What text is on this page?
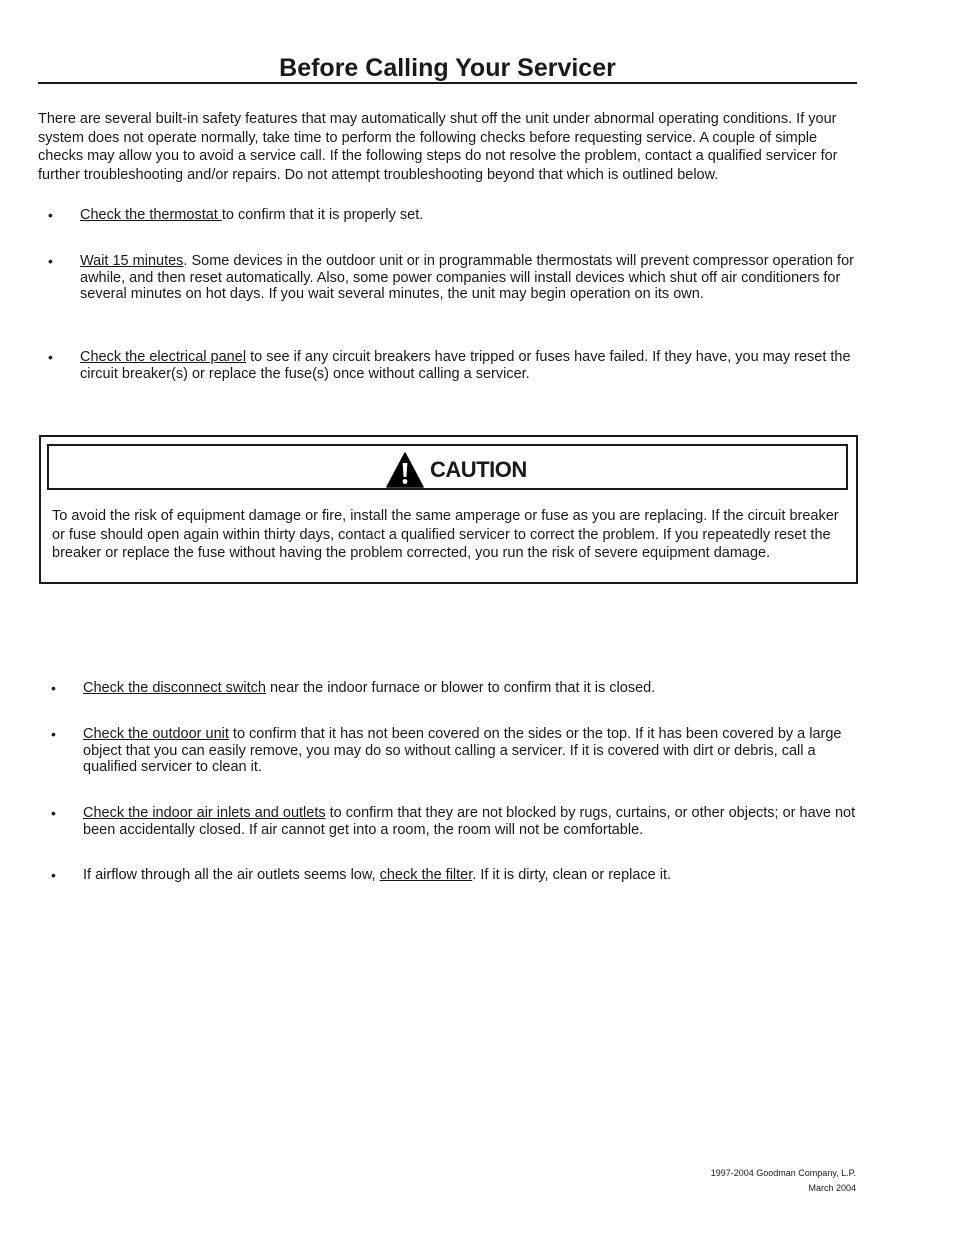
Before Calling Your Servicer

There are several built-in safety features that may automatically shut off the unit under abnormal operating conditions. If your system does not operate normally, take time to perform the following checks before requesting service. A couple of simple checks may allow you to avoid a service call. If the following steps do not resolve the problem, contact a qualified servicer for further troubleshooting and/or repairs. Do not attempt troubleshooting beyond that which is outlined below.

• Check the thermostat to confirm that it is properly set.

• Wait 15 minutes. Some devices in the outdoor unit or in programmable thermostats will prevent compressor operation for awhile, and then reset automatically. Also, some power companies will install devices which shut off air conditioners for several minutes on hot days. If you wait several minutes, the unit may begin operation on its own.

• Check the electrical panel to see if any circuit breakers have tripped or fuses have failed. If they have, you may reset the circuit breaker(s) or replace the fuse(s) once without calling a servicer.

CAUTION

To avoid the risk of equipment damage or fire, install the same amperage or fuse as you are replacing. If the circuit breaker or fuse should open again within thirty days, contact a qualified servicer to correct the problem. If you repeatedly reset the breaker or replace the fuse without having the problem corrected, you run the risk of severe equipment damage.

• Check the disconnect switch near the indoor furnace or blower to confirm that it is closed.

• Check the outdoor unit to confirm that it has not been covered on the sides or the top. If it has been covered by a large object that you can easily remove, you may do so without calling a servicer. If it is covered with dirt or debris, call a qualified servicer to clean it.

• Check the indoor air inlets and outlets to confirm that they are not blocked by rugs, curtains, or other objects; or have not been accidentally closed. If air cannot get into a room, the room will not be comfortable.

• If airflow through all the air outlets seems low, check the filter. If it is dirty, clean or replace it.

1997-2004 Goodman Company, L.P.
March 2004
